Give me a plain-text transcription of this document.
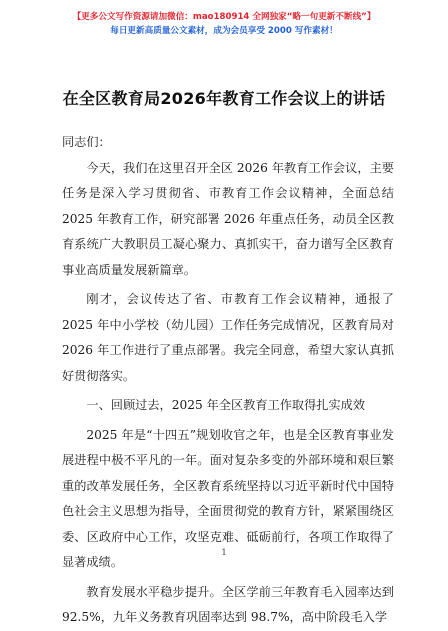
【更多公文写作资源请加微信：mao180914 全网独家“略一句更新不断线”】
每日更新高质量公文素材，成为会员享受 2000 写作素材！
在全区教育局2026年教育工作会议上的讲话

同志们：

今天，我们在这里召开全区 2026 年教育工作会议，主要任务是深入学习贯彻省、市教育工作会议精神，全面总结 2025 年教育工作，研究部署 2026 年重点任务，动员全区教育系统广大教职员工凝心聚力、真抓实干，奋力谱写全区教育事业高质量发展新篇章。

刚才，会议传达了省、市教育工作会议精神，通报了 2025 年中小学校（幼儿园）工作任务完成情况，区教育局对 2026 年工作进行了重点部署。我完全同意，希望大家认真抓好贯彻落实。

一、回顾过去，2025 年全区教育工作取得扎实成效

2025 年是“十四五”规划收官之年，也是全区教育事业发展进程中极不平凡的一年。面对复杂多变的外部环境和艰巨繁重的改革发展任务，全区教育系统坚持以习近平新时代中国特色社会主义思想为指导，全面贯彻党的教育方针，紧紧围绕区委、区政府中心工作，攻坚克难、砥砺前行，各项工作取得了显著成绩。

教育发展水平稳步提升。全区学前三年教育毛入园率达到 92.5%，九年义务教育巩固率达到 98.7%，高中阶段毛入学

1
